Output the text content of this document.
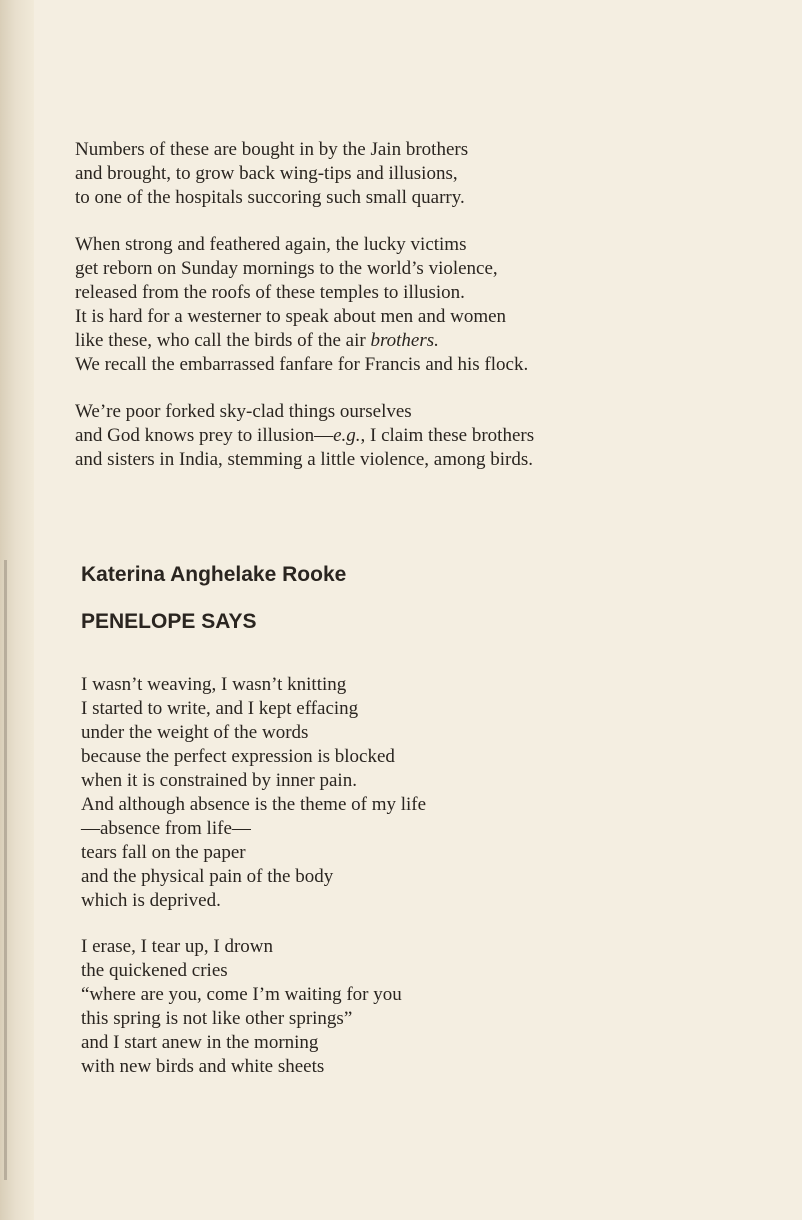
Numbers of these are bought in by the Jain brothers
and brought, to grow back wing-tips and illusions,
to one of the hospitals succoring such small quarry.
When strong and feathered again, the lucky victims
get reborn on Sunday mornings to the world’s violence,
released from the roofs of these temples to illusion.
It is hard for a westerner to speak about men and women
like these, who call the birds of the air brothers.
We recall the embarrassed fanfare for Francis and his flock.
We’re poor forked sky-clad things ourselves
and God knows prey to illusion—e.g., I claim these brothers
and sisters in India, stemming a little violence, among birds.
Katerina Anghelake Rooke
PENELOPE SAYS
I wasn’t weaving, I wasn’t knitting
I started to write, and I kept effacing
under the weight of the words
because the perfect expression is blocked
when it is constrained by inner pain.
And although absence is the theme of my life
—absence from life—
tears fall on the paper
and the physical pain of the body
which is deprived.
I erase, I tear up, I drown
the quickened cries
“where are you, come I’m waiting for you
this spring is not like other springs”
and I start anew in the morning
with new birds and white sheets
